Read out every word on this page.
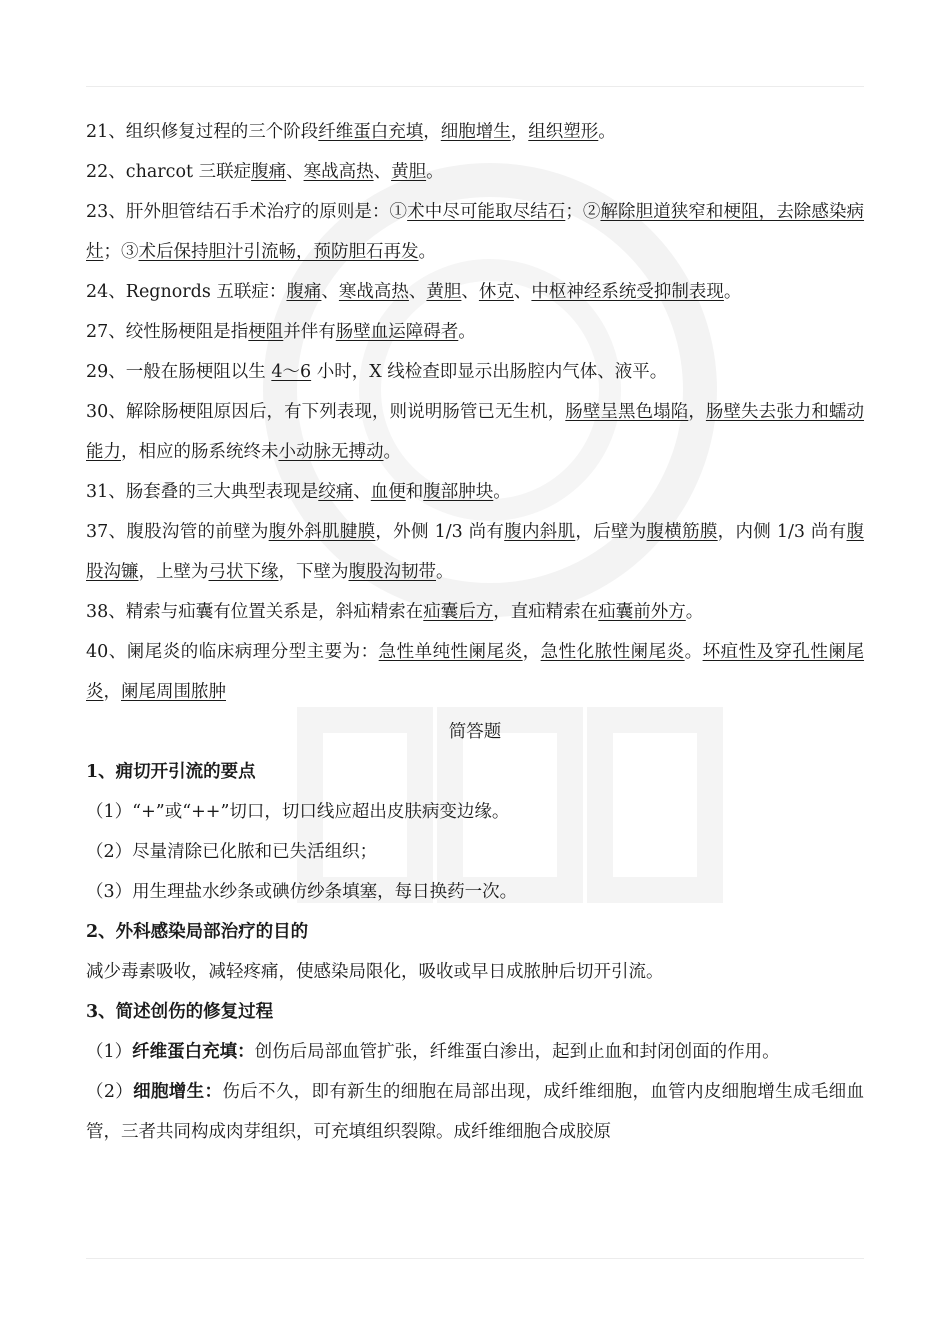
21、组织修复过程的三个阶段纤维蛋白充填，细胞增生，组织塑形。
22、charcot 三联症腹痛、寒战高热、黄胆。
23、肝外胆管结石手术治疗的原则是：①术中尽可能取尽结石；②解除胆道狭窄和梗阻，去除感染病灶；③术后保持胆汁引流畅，预防胆石再发。
24、Regnords 五联症：腹痛、寒战高热、黄胆、休克、中枢神经系统受抑制表现。
27、绞性肠梗阻是指梗阻并伴有肠壁血运障碍者。
29、一般在肠梗阻以生 4～6 小时，X 线检查即显示出肠腔内气体、液平。
30、解除肠梗阻原因后，有下列表现，则说明肠管已无生机，肠壁呈黑色塌陷，肠壁失去张力和蠕动能力，相应的肠系统终未小动脉无搏动。
31、肠套叠的三大典型表现是绞痛、血便和腹部肿块。
37、腹股沟管的前壁为腹外斜肌腱膜，外侧 1/3 尚有腹内斜肌，后壁为腹横筋膜，内侧 1/3 尚有腹股沟镰，上壁为弓状下缘，下壁为腹股沟韧带。
38、精索与疝囊有位置关系是，斜疝精索在疝囊后方，直疝精索在疝囊前外方。
40、阑尾炎的临床病理分型主要为：急性单纯性阑尾炎，急性化脓性阑尾炎。坏疽性及穿孔性阑尾炎，阑尾周围脓肿
简答题
1、痈切开引流的要点
（1）“+”或“++”切口，切口线应超出皮肤病变边缘。
（2）尽量清除已化脓和已失活组织；
（3）用生理盐水纱条或碘仿纱条填塞，每日换药一次。
2、外科感染局部治疗的目的
减少毒素吸收，减轻疼痛，使感染局限化，吸收或早日成脓肿后切开引流。
3、简述创伤的修复过程
（1）纤维蛋白充填：创伤后局部血管扩张，纤维蛋白渗出，起到止血和封闭创面的作用。
（2）细胞增生：伤后不久，即有新生的细胞在局部出现，成纤维细胞，血管内皮细胞增生成毛细血管，三者共同构成肉芽组织，可充填组织裂隙。成纤维细胞合成胶原
